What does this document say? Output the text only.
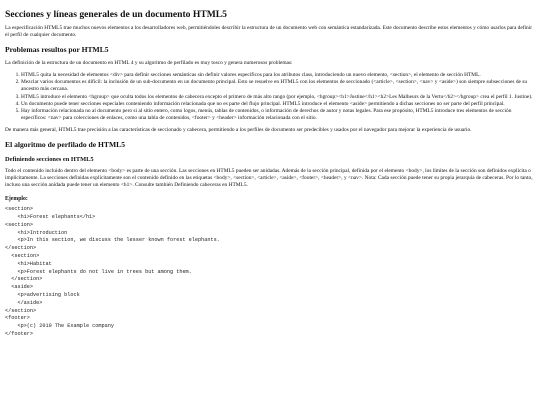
Secciones y líneas generales de un documento HTML5

La especificación HTML5 trae muchos nuevos elementos a los desarrolladores web, permitiéndoles describir la estructura de un documento web con semántica estandarizada. Este documento describe estos elementos y cómo usarlos para definir el perfil de cualquier documento.

Problemas resultos por HTML5

La definición de la estructura de un documento en HTML 4 y su algoritmo de perfilado es muy tosco y genera numerosos problemas:

1. HTML5 quita la necesidad de elementos <div> para definir secciones semánticas sin definir valores específicos para los atributos class, introduciendo un nuevo elemento, <section>, el elemento de sección HTML.
2. Mezclar varios documentos es difícil: la inclusión de un sub-documento en un documento principal. Esto se resuelve en HTML5 con los elementos de seccionado (<article>, <section>, <nav> y <aside>) son siempre subsecciones de su ancestro más cercana.
3. HTML5 introduce el elemento <hgroup> que oculta todos los elementos de cabecera excepto el primero de más alto rango (por ejemplo, <hgroup><h1>Justine</h1><h2>Les Malheurs de la Vertu</h2></hgroup> crea el perfil 1. Justine).
4. Un documento puede tener secciones especiales conteniendo información relacionada que no es parte del flujo principal. HTML5 introduce el elemento <aside> permitiendo a dichas secciones no ser parte del perfil principal.
5. Hay información relacionada no al documento pero si al sitio entero, como logos, menús, tablas de contenidos, o información de derechos de autor y notas legales. Para ese propósito, HTML5 introduce tres elementos de sección específicos: <nav> para colecciones de enlaces, como una tabla de contenidos, <footer> y <header> información relacionada con el sitio.

De manera más general, HTML5 trae precisión a las características de seccionado y cabecera, permitiendo a los perfiles de documento ser predecibles y usados por el navegador para mejorar la experiencia de usuario.

El algoritmo de perfilado de HTML5
Definiendo secciones en HTML5

Todo el contenido incluido dentro del elemento <body> es parte de una sección. Las secciones en HTML5 pueden ser anidadas. Además de la sección principal, definida por el elemento <body>, los límites de la sección son definidos explícita o implícitamente. La secciones definidas explícitamente son el contenido definido en las etiquetas <body>, <section>, <article>, <aside>, <footer>, <header>, y <nav>. Nota: Cada sección puede tener su propia jerarquía de cabeceras. Por lo tanto, incluso una sección anidada puede tener un elemento <h1>. Consulte también Definiendo cabeceras en HTML5.

Ejemplo:
<section>
<h1>Forest elephants</h1>
<section>
<h1>Introduction
<p>In this section, we discuss the lesser known forest elephants.
</section>
<section>
<h1>Habitat
<p>Forest elephants do not live in trees but among them.
</section>
<aside>
<p>advertising block
</aside>
</section>
<footer>
<p>(c) 2010 The Example company
</footer>
